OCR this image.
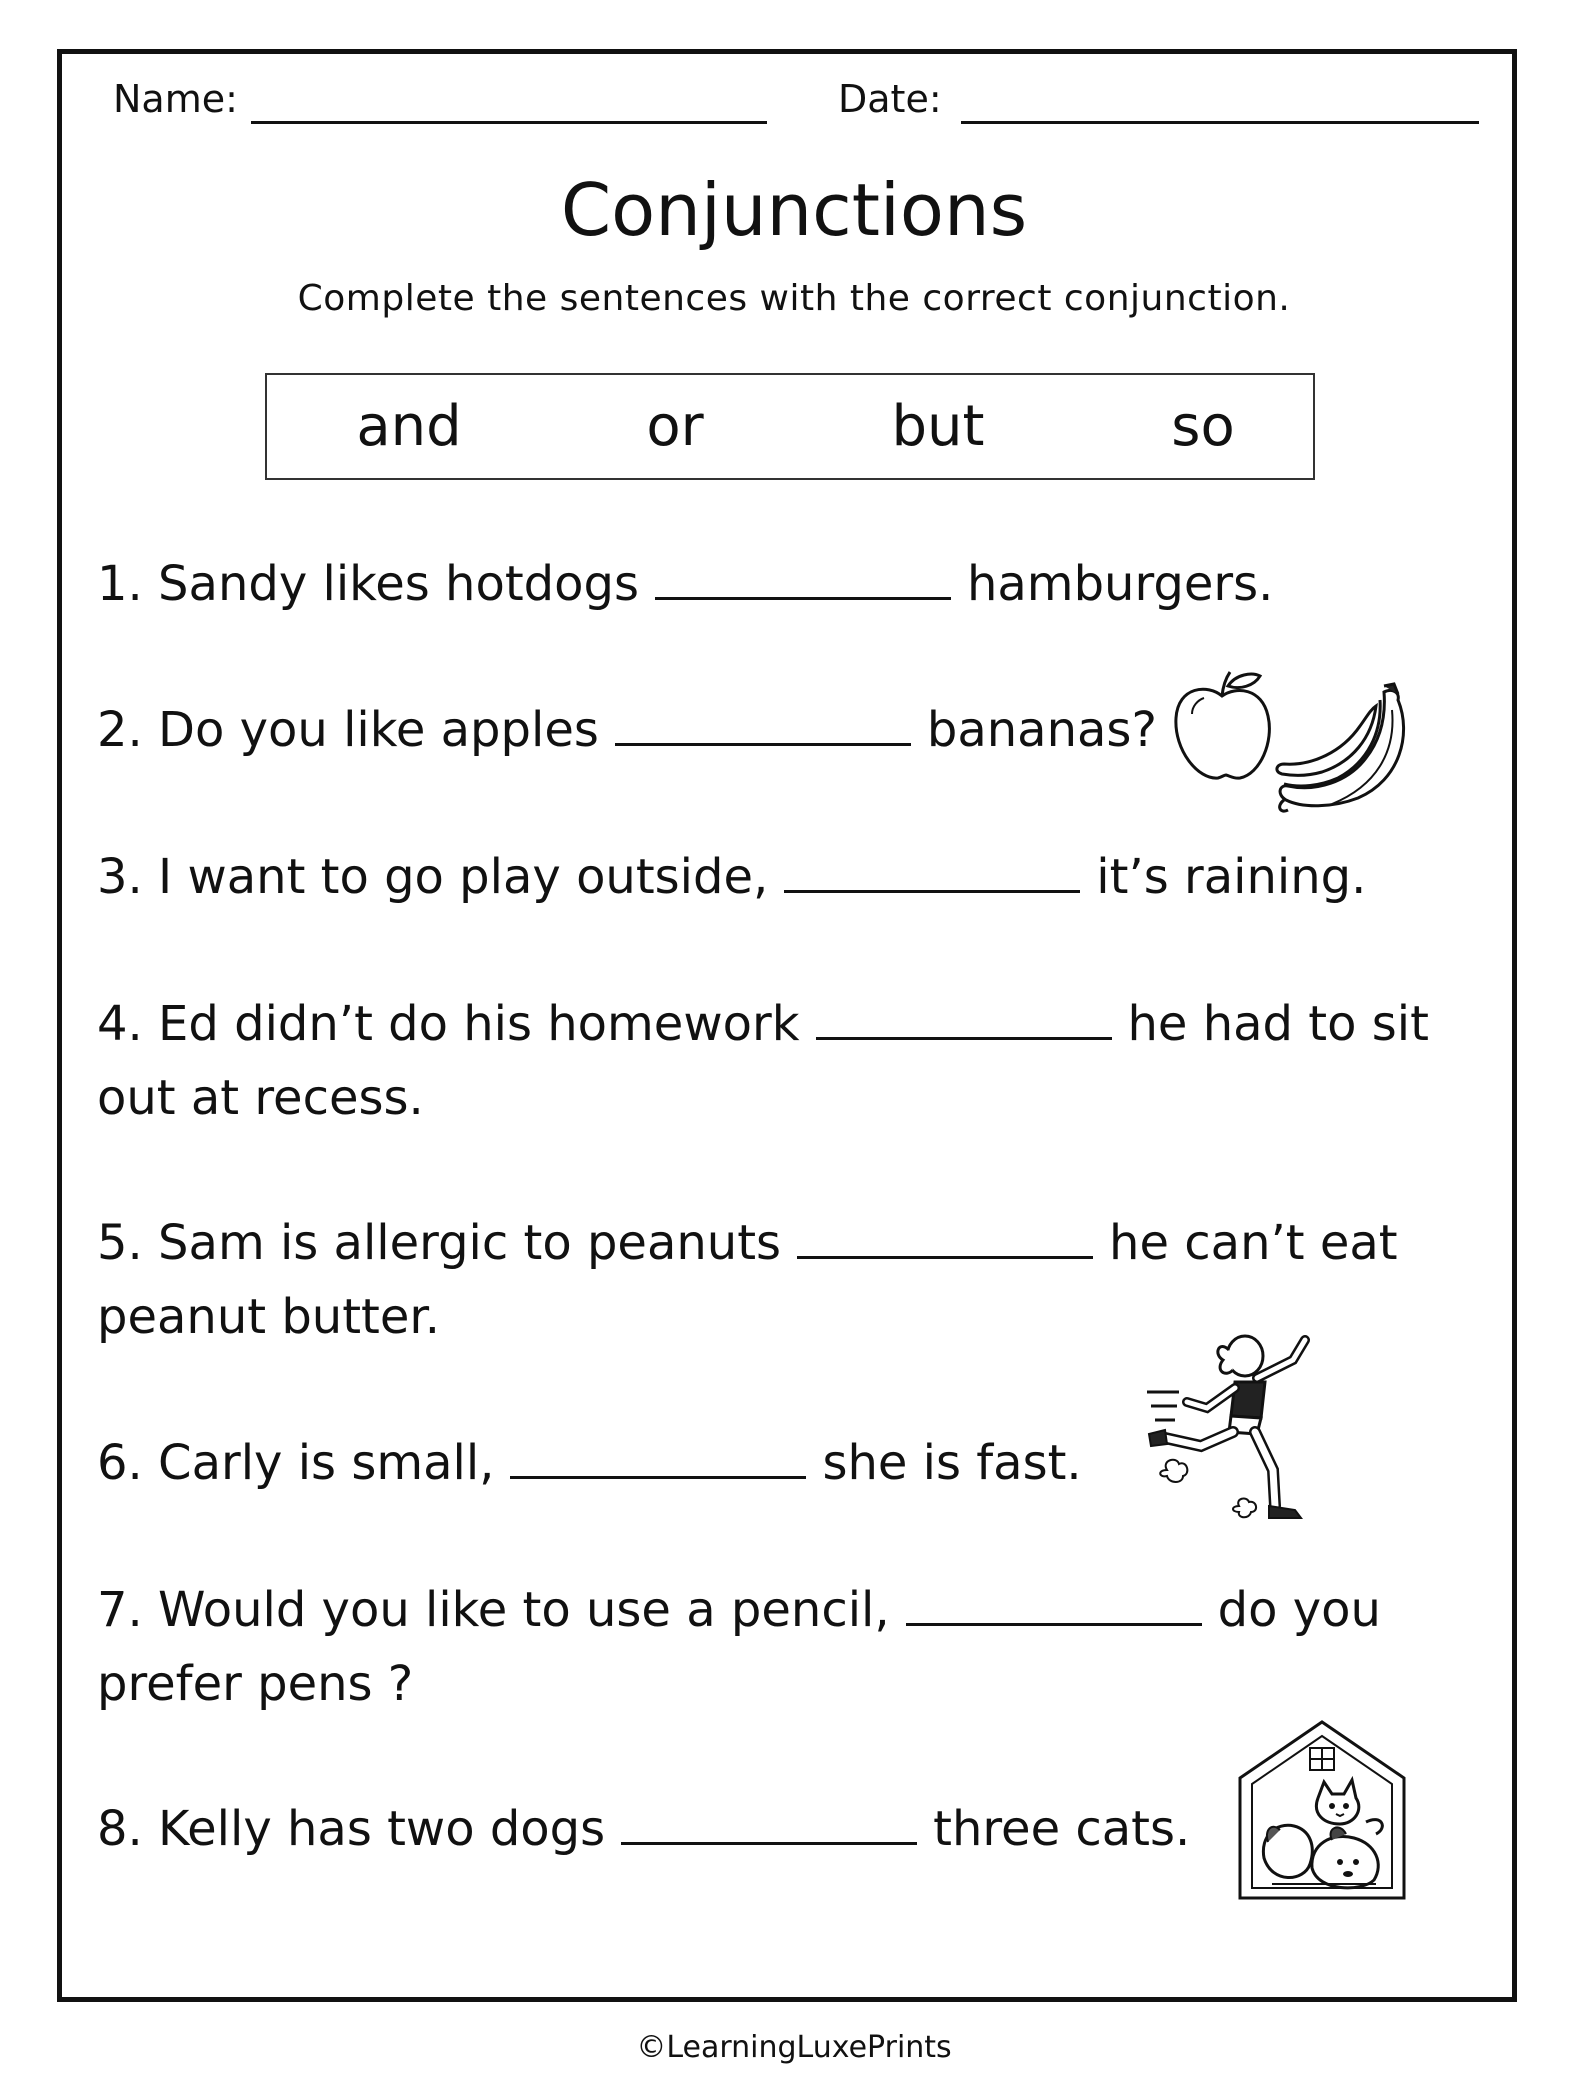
Name:	Date:
Conjunctions
Complete the sentences with the correct conjunction.
and	or	but	so
1. Sandy likes hotdogs	hamburgers.
2. Do you like apples	bananas?
3. I want to go play outside,	it’s raining.
4. Ed didn’t do his homework	he had to sit
out at recess.
5. Sam is allergic to peanuts	he can’t eat
peanut butter.
6. Carly is small,	she is fast.
7. Would you like to use a pencil,	do you
prefer pens ?
8. Kelly has two dogs	three cats.
©LearningLuxePrints
